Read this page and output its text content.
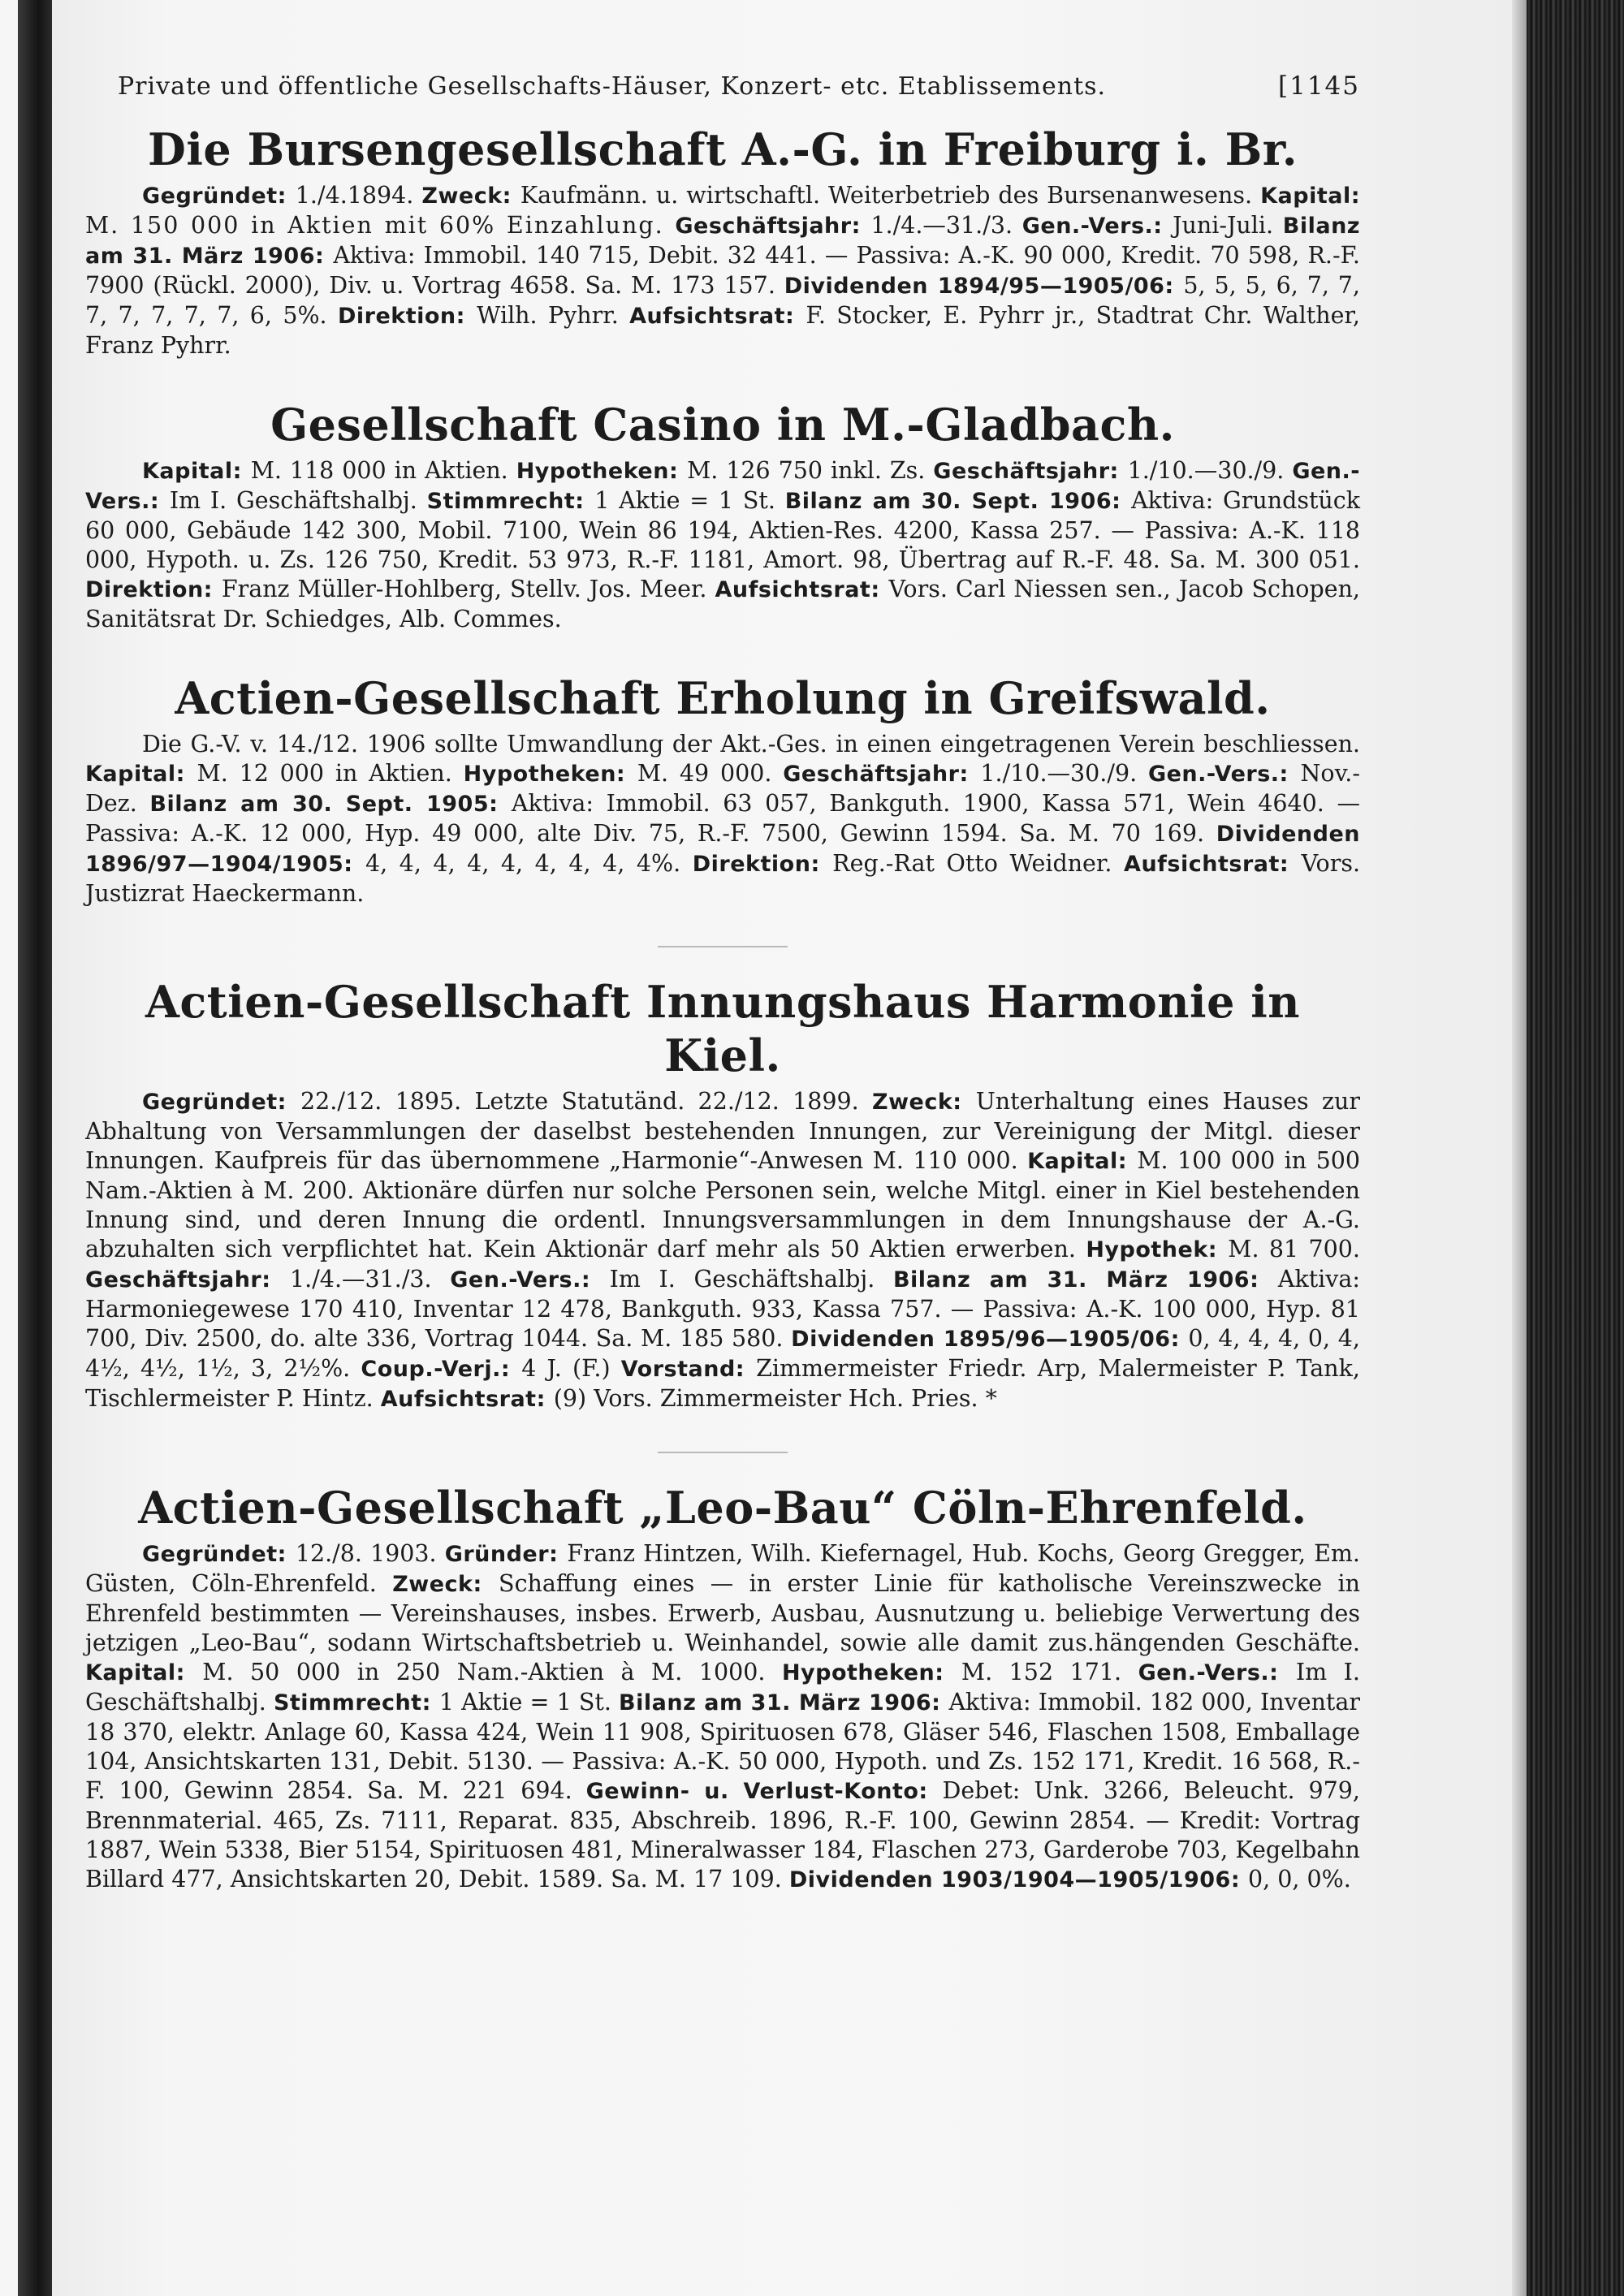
Private und öffentliche Gesellschafts-Häuser, Konzert- etc. Etablissements.	[1145
Die Bursengesellschaft A.-G. in Freiburg i. Br.

Gegründet: 1./4.1894. Zweck: Kaufmänn. u. wirtschaftl. Weiterbetrieb des Bursenanwesens. Kapital: M. 150 000 in Aktien mit 60% Einzahlung. Geschäftsjahr: 1./4.—31./3. Gen.-Vers.: Juni-Juli. Bilanz am 31. März 1906: Aktiva: Immobil. 140 715, Debit. 32 441. — Passiva: A.-K. 90 000, Kredit. 70 598, R.-F. 7900 (Rückl. 2000), Div. u. Vortrag 4658. Sa. M. 173 157. Dividenden 1894/95—1905/06: 5, 5, 5, 6, 7, 7, 7, 7, 7, 7, 7, 6, 5%. Direktion: Wilh. Pyhrr. Aufsichtsrat: F. Stocker, E. Pyhrr jr., Stadtrat Chr. Walther, Franz Pyhrr.

Gesellschaft Casino in M.-Gladbach.

Kapital: M. 118 000 in Aktien. Hypotheken: M. 126 750 inkl. Zs. Geschäftsjahr: 1./10.—30./9. Gen.-Vers.: Im I. Geschäftshalbj. Stimmrecht: 1 Aktie = 1 St. Bilanz am 30. Sept. 1906: Aktiva: Grundstück 60 000, Gebäude 142 300, Mobil. 7100, Wein 86 194, Aktien-Res. 4200, Kassa 257. — Passiva: A.-K. 118 000, Hypoth. u. Zs. 126 750, Kredit. 53 973, R.-F. 1181, Amort. 98, Übertrag auf R.-F. 48. Sa. M. 300 051. Direktion: Franz Müller-Hohlberg, Stellv. Jos. Meer. Aufsichtsrat: Vors. Carl Niessen sen., Jacob Schopen, Sanitätsrat Dr. Schiedges, Alb. Commes.

Actien-Gesellschaft Erholung in Greifswald.

Die G.-V. v. 14./12. 1906 sollte Umwandlung der Akt.-Ges. in einen eingetragenen Verein beschliessen. Kapital: M. 12 000 in Aktien. Hypotheken: M. 49 000. Geschäftsjahr: 1./10.—30./9. Gen.-Vers.: Nov.-Dez. Bilanz am 30. Sept. 1905: Aktiva: Immobil. 63 057, Bankguth. 1900, Kassa 571, Wein 4640. — Passiva: A.-K. 12 000, Hyp. 49 000, alte Div. 75, R.-F. 7500, Gewinn 1594. Sa. M. 70 169. Dividenden 1896/97—1904/1905: 4, 4, 4, 4, 4, 4, 4, 4, 4%. Direktion: Reg.-Rat Otto Weidner. Aufsichtsrat: Vors. Justizrat Haeckermann.

Actien-Gesellschaft Innungshaus Harmonie in Kiel.

Gegründet: 22./12. 1895. Letzte Statutänd. 22./12. 1899. Zweck: Unterhaltung eines Hauses zur Abhaltung von Versammlungen der daselbst bestehenden Innungen, zur Vereinigung der Mitgl. dieser Innungen. Kaufpreis für das übernommene „Harmonie“-Anwesen M. 110 000. Kapital: M. 100 000 in 500 Nam.-Aktien à M. 200. Aktionäre dürfen nur solche Personen sein, welche Mitgl. einer in Kiel bestehenden Innung sind, und deren Innung die ordentl. Innungsversammlungen in dem Innungshause der A.-G. abzuhalten sich verpflichtet hat. Kein Aktionär darf mehr als 50 Aktien erwerben. Hypothek: M. 81 700. Geschäftsjahr: 1./4.—31./3. Gen.-Vers.: Im I. Geschäftshalbj. Bilanz am 31. März 1906: Aktiva: Harmoniegewese 170 410, Inventar 12 478, Bankguth. 933, Kassa 757. — Passiva: A.-K. 100 000, Hyp. 81 700, Div. 2500, do. alte 336, Vortrag 1044. Sa. M. 185 580. Dividenden 1895/96—1905/06: 0, 4, 4, 4, 0, 4, 4½, 4½, 1½, 3, 2½%. Coup.-Verj.: 4 J. (F.) Vorstand: Zimmermeister Friedr. Arp, Malermeister P. Tank, Tischlermeister P. Hintz. Aufsichtsrat: (9) Vors. Zimmermeister Hch. Pries. *

Actien-Gesellschaft „Leo-Bau“ Cöln-Ehrenfeld.

Gegründet: 12./8. 1903. Gründer: Franz Hintzen, Wilh. Kiefernagel, Hub. Kochs, Georg Gregger, Em. Güsten, Cöln-Ehrenfeld. Zweck: Schaffung eines — in erster Linie für katholische Vereinszwecke in Ehrenfeld bestimmten — Vereinshauses, insbes. Erwerb, Ausbau, Ausnutzung u. beliebige Verwertung des jetzigen „Leo-Bau“, sodann Wirtschaftsbetrieb u. Weinhandel, sowie alle damit zus.hängenden Geschäfte. Kapital: M. 50 000 in 250 Nam.-Aktien à M. 1000. Hypotheken: M. 152 171. Gen.-Vers.: Im I. Geschäftshalbj. Stimmrecht: 1 Aktie = 1 St. Bilanz am 31. März 1906: Aktiva: Immobil. 182 000, Inventar 18 370, elektr. Anlage 60, Kassa 424, Wein 11 908, Spirituosen 678, Gläser 546, Flaschen 1508, Emballage 104, Ansichtskarten 131, Debit. 5130. — Passiva: A.-K. 50 000, Hypoth. und Zs. 152 171, Kredit. 16 568, R.-F. 100, Gewinn 2854. Sa. M. 221 694. Gewinn- u. Verlust-Konto: Debet: Unk. 3266, Beleucht. 979, Brennmaterial. 465, Zs. 7111, Reparat. 835, Abschreib. 1896, R.-F. 100, Gewinn 2854. — Kredit: Vortrag 1887, Wein 5338, Bier 5154, Spirituosen 481, Mineralwasser 184, Flaschen 273, Garderobe 703, Kegelbahn Billard 477, Ansichtskarten 20, Debit. 1589. Sa. M. 17 109. Dividenden 1903/1904—1905/1906: 0, 0, 0%.
